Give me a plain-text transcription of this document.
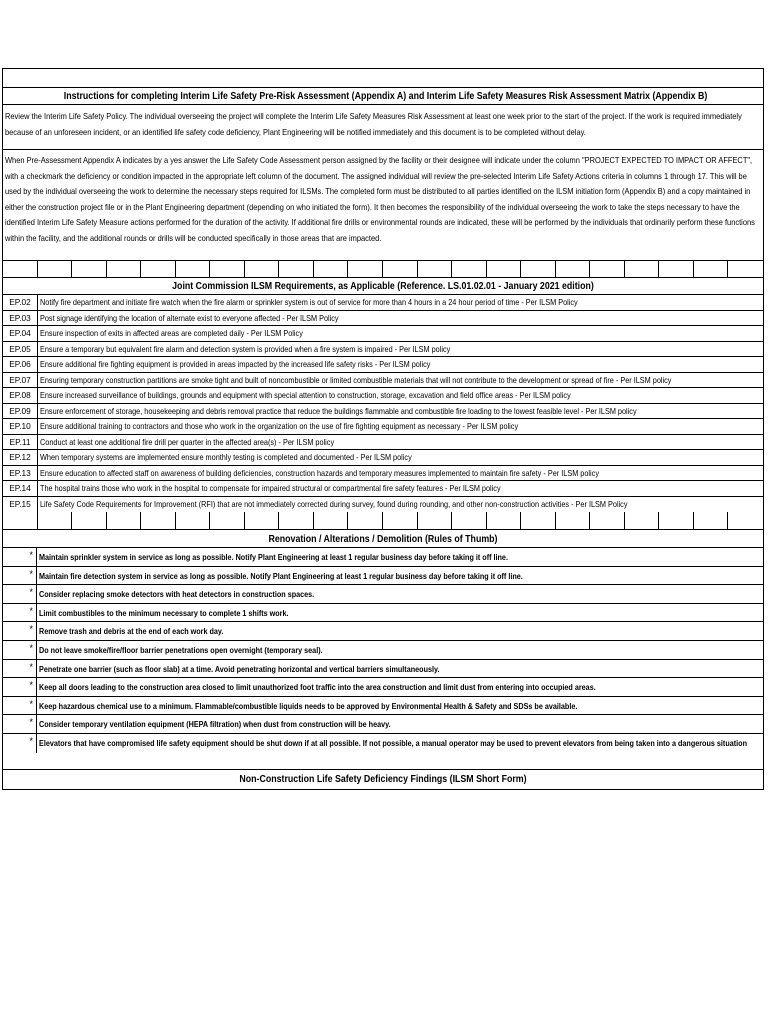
Instructions for completing Interim Life Safety Pre-Risk Assessment (Appendix A) and Interim Life Safety Measures Risk Assessment Matrix (Appendix B)
Review the Interim Life Safety Policy. The individual overseeing the project will complete the Interim Life Safety Measures Risk Assessment at least one week prior to the start of the project. If the work is required immediately because of an unforeseen incident, or an identified life safety code deficiency, Plant Engineering will be notified immediately and this document is to be completed without delay.
When Pre-Assessment Appendix A indicates by a yes answer the Life Safety Code Assessment person assigned by the facility or their designee will indicate under the column "PROJECT EXPECTED TO IMPACT OR AFFECT", with a checkmark the deficiency or condition impacted in the appropriate left column of the document. The assigned individual will review the pre-selected Interim Life Safety Actions criteria in columns 1 through 17. This will be used by the individual overseeing the work to determine the necessary steps required for ILSMs. The completed form must be distributed to all parties identified on the ILSM initiation form (Appendix B) and a copy maintained in either the construction project file or in the Plant Engineering department (depending on who initiated the form). It then becomes the responsibility of the individual overseeing the work to take the steps necessary to have the identified Interim Life Safety Measure actions performed for the duration of the activity. If additional fire drills or environmental rounds are indicated, these will be performed by the individuals that ordinarily perform these functions within the facility, and the additional rounds or drills will be conducted specifically in those areas that are impacted.
Joint Commission ILSM Requirements, as Applicable (Reference. LS.01.02.01 - January 2021 edition)
EP.02	Notify fire department and initiate fire watch when the fire alarm or sprinkler system is out of service for more than 4 hours in a 24 hour period of time - Per ILSM Policy
EP.03	Post signage identifying the location of alternate exist to everyone affected - Per ILSM Policy
EP.04	Ensure inspection of exits in affected areas are completed daily - Per ILSM Policy
EP.05	Ensure a temporary but equivalent fire alarm and detection system is provided when a fire system is impaired - Per ILSM policy
EP.06	Ensure additional fire fighting equipment is provided in areas impacted by the increased life safety risks - Per ILSM policy
EP.07	Ensuring temporary construction partitions are smoke tight and built of noncombustible or limited combustible materials that will not contribute to the development or spread of fire - Per ILSM policy
EP.08	Ensure increased surveillance of buildings, grounds and equipment with special attention to construction, storage, excavation and field office areas - Per ILSM policy
EP.09	Ensure enforcement of storage, housekeeping and debris removal practice that reduce the buildings flammable and combustible fire loading to the lowest feasible level - Per ILSM policy
EP.10	Ensure additional training to contractors and those who work in the organization on the use of fire fighting equipment as necessary - Per ILSM policy
EP.11	Conduct at least one additional fire drill per quarter in the affected area(s) - Per ILSM policy
EP.12	When temporary systems are implemented ensure monthly testing is completed and documented - Per ILSM policy
EP.13	Ensure education to affected staff on awareness of building deficiencies, construction hazards and temporary measures implemented to maintain fire safety - Per ILSM policy
EP.14	The hospital trains those who work in the hospital to compensate for impaired structural or compartmental fire safety features - Per ILSM policy
EP.15	Life Safety Code Requirements for Improvement (RFI) that are not immediately corrected during survey, found during rounding, and other non-construction activities - Per ILSM Policy
Renovation / Alterations / Demolition (Rules of Thumb)
* Maintain sprinkler system in service as long as possible. Notify Plant Engineering at least 1 regular business day before taking it off line.
* Maintain fire detection system in service as long as possible. Notify Plant Engineering at least 1 regular business day before taking it off line.
* Consider replacing smoke detectors with heat detectors in construction spaces.
* Limit combustibles to the minimum necessary to complete 1 shifts work.
* Remove trash and debris at the end of each work day.
* Do not leave smoke/fire/floor barrier penetrations open overnight (temporary seal).
* Penetrate one barrier (such as floor slab) at a time. Avoid penetrating horizontal and vertical barriers simultaneously.
* Keep all doors leading to the construction area closed to limit unauthorized foot traffic into the area construction and limit dust from entering into occupied areas.
* Keep hazardous chemical use to a minimum. Flammable/combustible liquids needs to be approved by Environmental Health & Safety and SDSs be available.
* Consider temporary ventilation equipment (HEPA filtration) when dust from construction will be heavy.
* Elevators that have compromised life safety equipment should be shut down if at all possible. If not possible, a manual operator may be used to prevent elevators from being taken into a dangerous situation
Non-Construction Life Safety Deficiency Findings (ILSM Short Form)
